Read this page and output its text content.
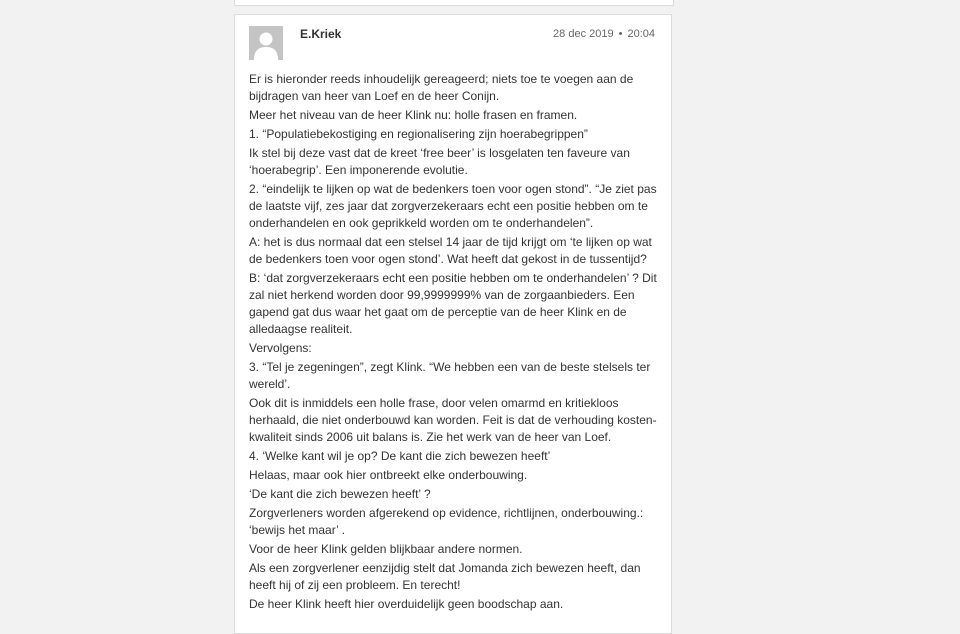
E.Kriek	28 dec 2019 • 20:04

Er is hieronder reeds inhoudelijk gereageerd; niets toe te voegen aan de bijdragen van heer van Loef en de heer Conijn.

Meer het niveau van de heer Klink nu: holle frasen en framen.

1. “Populatiebekostiging en regionalisering zijn hoerabegrippen”

Ik stel bij deze vast dat de kreet ‘free beer’ is losgelaten ten faveure van ‘hoerabegrip’. Een imponerende evolutie.

2. “eindelijk te lijken op wat de bedenkers toen voor ogen stond”. “Je ziet pas de laatste vijf, zes jaar dat zorgverzekeraars echt een positie hebben om te onderhandelen en ook geprikkeld worden om te onderhandelen”.

A: het is dus normaal dat een stelsel 14 jaar de tijd krijgt om ‘te lijken op wat de bedenkers toen voor ogen stond’. Wat heeft dat gekost in de tussentijd?

B: ‘dat zorgverzekeraars echt een positie hebben om te onderhandelen’ ? Dit zal niet herkend worden door 99,9999999% van de zorgaanbieders. Een gapend gat dus waar het gaat om de perceptie van de heer Klink en de alledaagse realiteit.

Vervolgens:

3. “Tel je zegeningen”, zegt Klink. “We hebben een van de beste stelsels ter wereld’.

Ook dit is inmiddels een holle frase, door velen omarmd en kritiekloos herhaald, die niet onderbouwd kan worden. Feit is dat de verhouding kosten-kwaliteit sinds 2006 uit balans is. Zie het werk van de heer van Loef.

4. ‘Welke kant wil je op? De kant die zich bewezen heeft’

Helaas, maar ook hier ontbreekt elke onderbouwing.

‘De kant die zich bewezen heeft’ ?

Zorgverleners worden afgerekend op evidence, richtlijnen, onderbouwing.: ‘bewijs het maar’ .

Voor de heer Klink gelden blijkbaar andere normen.

Als een zorgverlener eenzijdig stelt dat Jomanda zich bewezen heeft, dan heeft hij of zij een probleem. En terecht!

De heer Klink heeft hier overduidelijk geen boodschap aan.
